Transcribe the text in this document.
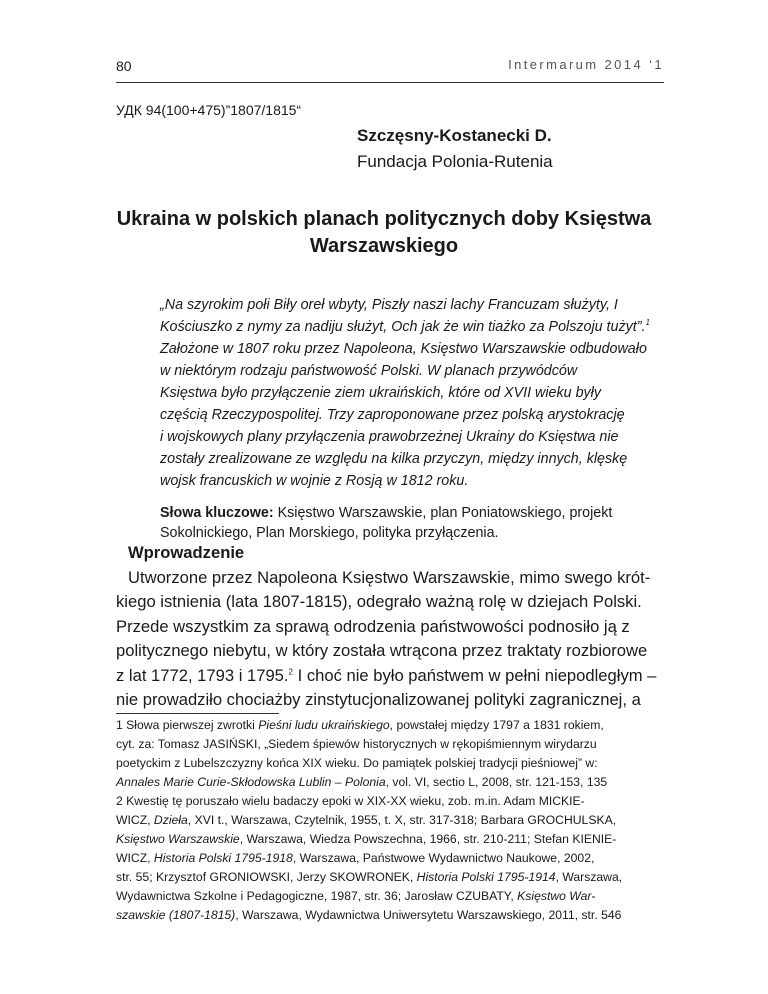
80	Intermarum 2014 ‘1
УДК 94(100+475)”1807/1815“
Szczęsny-Kostanecki D.
Fundacja Polonia-Rutenia
Ukraina w polskich planach politycznych doby Księstwa
Warszawskiego
„Na szyrokim połi Biły oreł wbyty, Piszły naszi lachy Francuzam służyty, I
Kościuszko z nymy za nadiju służyt, Och jak że win tiażko za Polszoju tużyt”.$^1$
Założone w 1807 roku przez Napoleona, Księstwo Warszawskie odbudowało
w niektórym rodzaju państwowość Polski. W planach przywódców
Księstwa było przyłączenie ziem ukraińskich, które od XVII wieku były
częścią Rzeczypospolitej. Trzy zaproponowane przez polską arystokrację
i wojskowych plany przyłączenia prawobrzeżnej Ukrainy do Księstwa nie
zostały zrealizowane ze względu na kilka przyczyn, między innych, klęskę
wojsk francuskich w wojnie z Rosją w 1812 roku.
Słowa kluczowe: Księstwo Warszawskie, plan Poniatowskiego, projekt
Sokolnickiego, Plan Morskiego, polityka przyłączenia.
Wprowadzenie
Utworzone przez Napoleona Księstwo Warszawskie, mimo swego krót-
kiego istnienia (lata 1807-1815), odegrało ważną rolę w dziejach Polski.
Przede wszystkim za sprawą odrodzenia państwowości podnosiło ją z
politycznego niebytu, w który została wtrącona przez traktaty rozbiorowe
z lat 1772, 1793 i 1795.$^2$ I choć nie było państwem w pełni niepodległym –
nie prowadziło chociażby zinstytucjonalizowanej polityki zagranicznej, a
1 Słowa pierwszej zwrotki Pieśni ludu ukraińskiego, powstałej między 1797 a 1831 rokiem,
cyt. za: Tomasz JASIŃSKI, „Siedem śpiewów historycznych w rękopiśmiennym wirydarzu
poetyckim z Lubelszczyzny końca XIX wieku. Do pamiątek polskiej tradycji pieśniowej” w:
Annales Marie Curie-Skłodowska Lublin – Polonia, vol. VI, sectio L, 2008, str. 121-153, 135
2 Kwestię tę poruszało wielu badaczy epoki w XIX-XX wieku, zob. m.in. Adam MICKIE-
WICZ, Dzieła, XVI t., Warszawa, Czytelnik, 1955, t. X, str. 317-318; Barbara GROCHULSKA,
Księstwo Warszawskie, Warszawa, Wiedza Powszechna, 1966, str. 210-211; Stefan KIENIE-
WICZ, Historia Polski 1795-1918, Warszawa, Państwowe Wydawnictwo Naukowe, 2002,
str. 55; Krzysztof GRONIOWSKI, Jerzy SKOWRONEK, Historia Polski 1795-1914, Warszawa,
Wydawnictwa Szkolne i Pedagogiczne, 1987, str. 36; Jarosław CZUBATY, Księstwo War-
szawskie (1807-1815), Warszawa, Wydawnictwa Uniwersytetu Warszawskiego, 2011, str. 546
